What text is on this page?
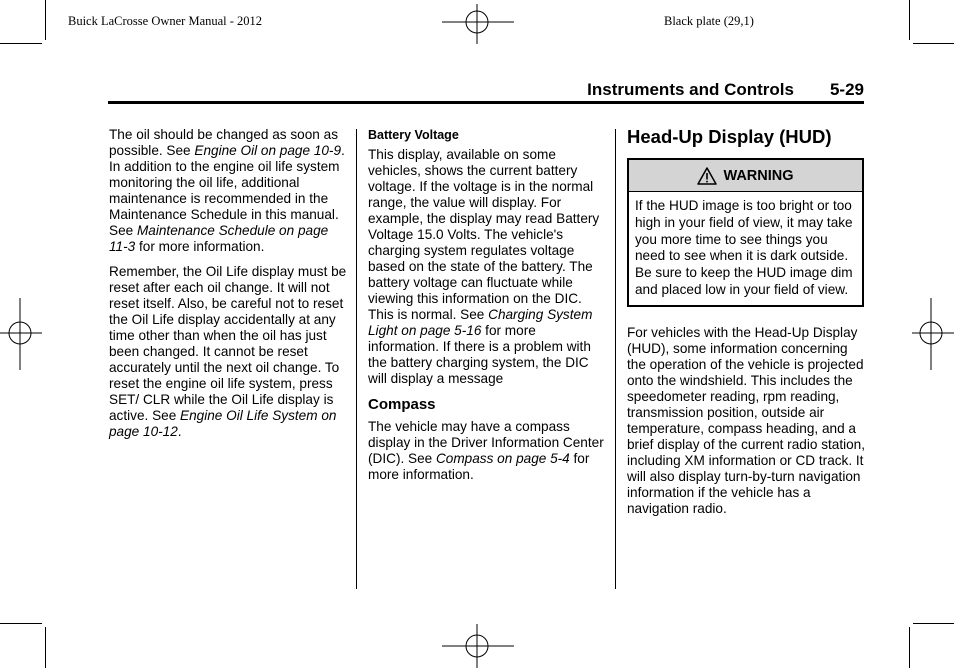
Buick LaCrosse Owner Manual - 2012	Black plate (29,1)
Instruments and Controls 5-29

The oil should be changed as soon as possible. See Engine Oil on page 10-9. In addition to the engine oil life system monitoring the oil life, additional maintenance is recommended in the Maintenance Schedule in this manual. See Maintenance Schedule on page 11-3 for more information.

Remember, the Oil Life display must be reset after each oil change. It will not reset itself. Also, be careful not to reset the Oil Life display accidentally at any time other than when the oil has just been changed. It cannot be reset accurately until the next oil change. To reset the engine oil life system, press SET/ CLR while the Oil Life display is active. See Engine Oil Life System on page 10-12.

Battery Voltage

This display, available on some vehicles, shows the current battery voltage. If the voltage is in the normal range, the value will display. For example, the display may read Battery Voltage 15.0 Volts. The vehicle's charging system regulates voltage based on the state of the battery. The battery voltage can fluctuate while viewing this information on the DIC. This is normal. See Charging System Light on page 5-16 for more information. If there is a problem with the battery charging system, the DIC will display a message

Compass

The vehicle may have a compass display in the Driver Information Center (DIC). See Compass on page 5-4 for more information.

Head-Up Display (HUD)
WARNING
If the HUD image is too bright or too high in your field of view, it may take you more time to see things you need to see when it is dark outside. Be sure to keep the HUD image dim and placed low in your field of view.

For vehicles with the Head-Up Display (HUD), some information concerning the operation of the vehicle is projected onto the windshield. This includes the speedometer reading, rpm reading, transmission position, outside air temperature, compass heading, and a brief display of the current radio station, including XM information or CD track. It will also display turn-by-turn navigation information if the vehicle has a navigation radio.
